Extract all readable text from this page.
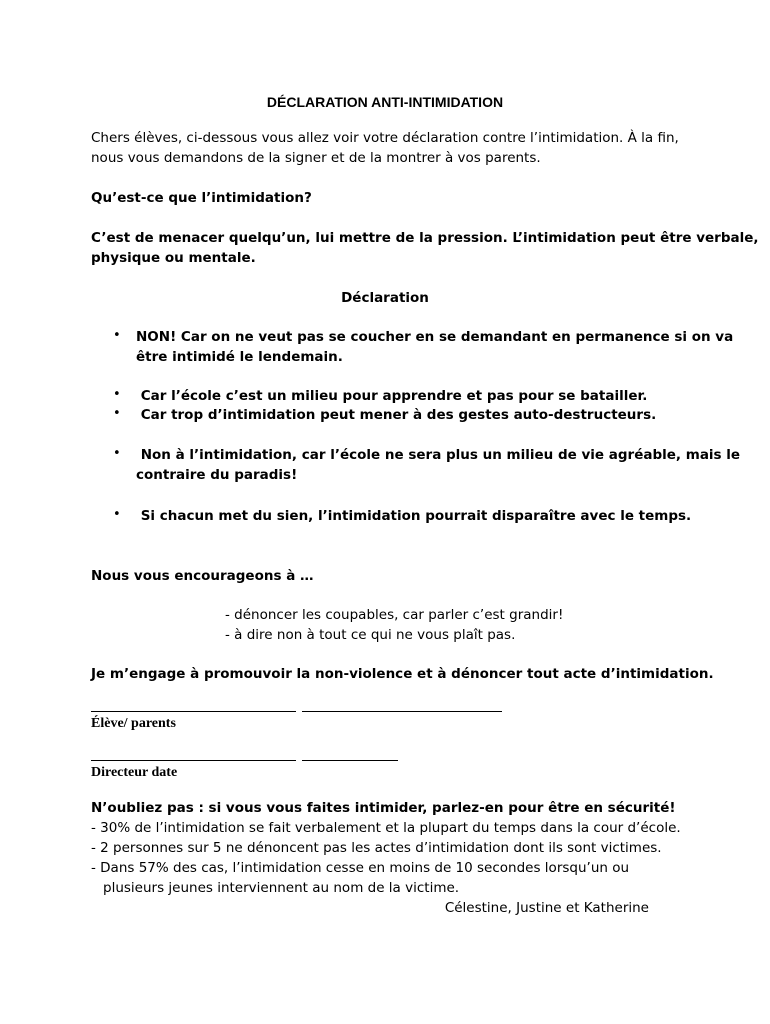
DÉCLARATION ANTI-INTIMIDATION
Chers élèves, ci-dessous vous allez voir votre déclaration contre l’intimidation. À la fin,
nous vous demandons de la signer et de la montrer à vos parents.
Qu’est-ce que l’intimidation?
C’est de menacer quelqu’un, lui mettre de la pression. L’intimidation peut être verbale,
physique ou mentale.
Déclaration
• NON! Car on ne veut pas se coucher en se demandant en permanence si on va
être intimidé le lendemain.
• Car l’école c’est un milieu pour apprendre et pas pour se batailler.
• Car trop d’intimidation peut mener à des gestes auto-destructeurs.
• Non à l’intimidation, car l’école ne sera plus un milieu de vie agréable, mais le
contraire du paradis!
• Si chacun met du sien, l’intimidation pourrait disparaître avec le temps.
Nous vous encourageons à …
- dénoncer les coupables, car parler c’est grandir!
- à dire non à tout ce qui ne vous plaît pas.
Je m’engage à promouvoir la non-violence et à dénoncer tout acte d’intimidation.
Élève/ parents
Directeur date
N’oubliez pas : si vous vous faites intimider, parlez-en pour être en sécurité!
- 30% de l’intimidation se fait verbalement et la plupart du temps dans la cour d’école.
- 2 personnes sur 5 ne dénoncent pas les actes d’intimidation dont ils sont victimes.
- Dans 57% des cas, l’intimidation cesse en moins de 10 secondes lorsqu’un ou
plusieurs jeunes interviennent au nom de la victime.
Célestine, Justine et Katherine
